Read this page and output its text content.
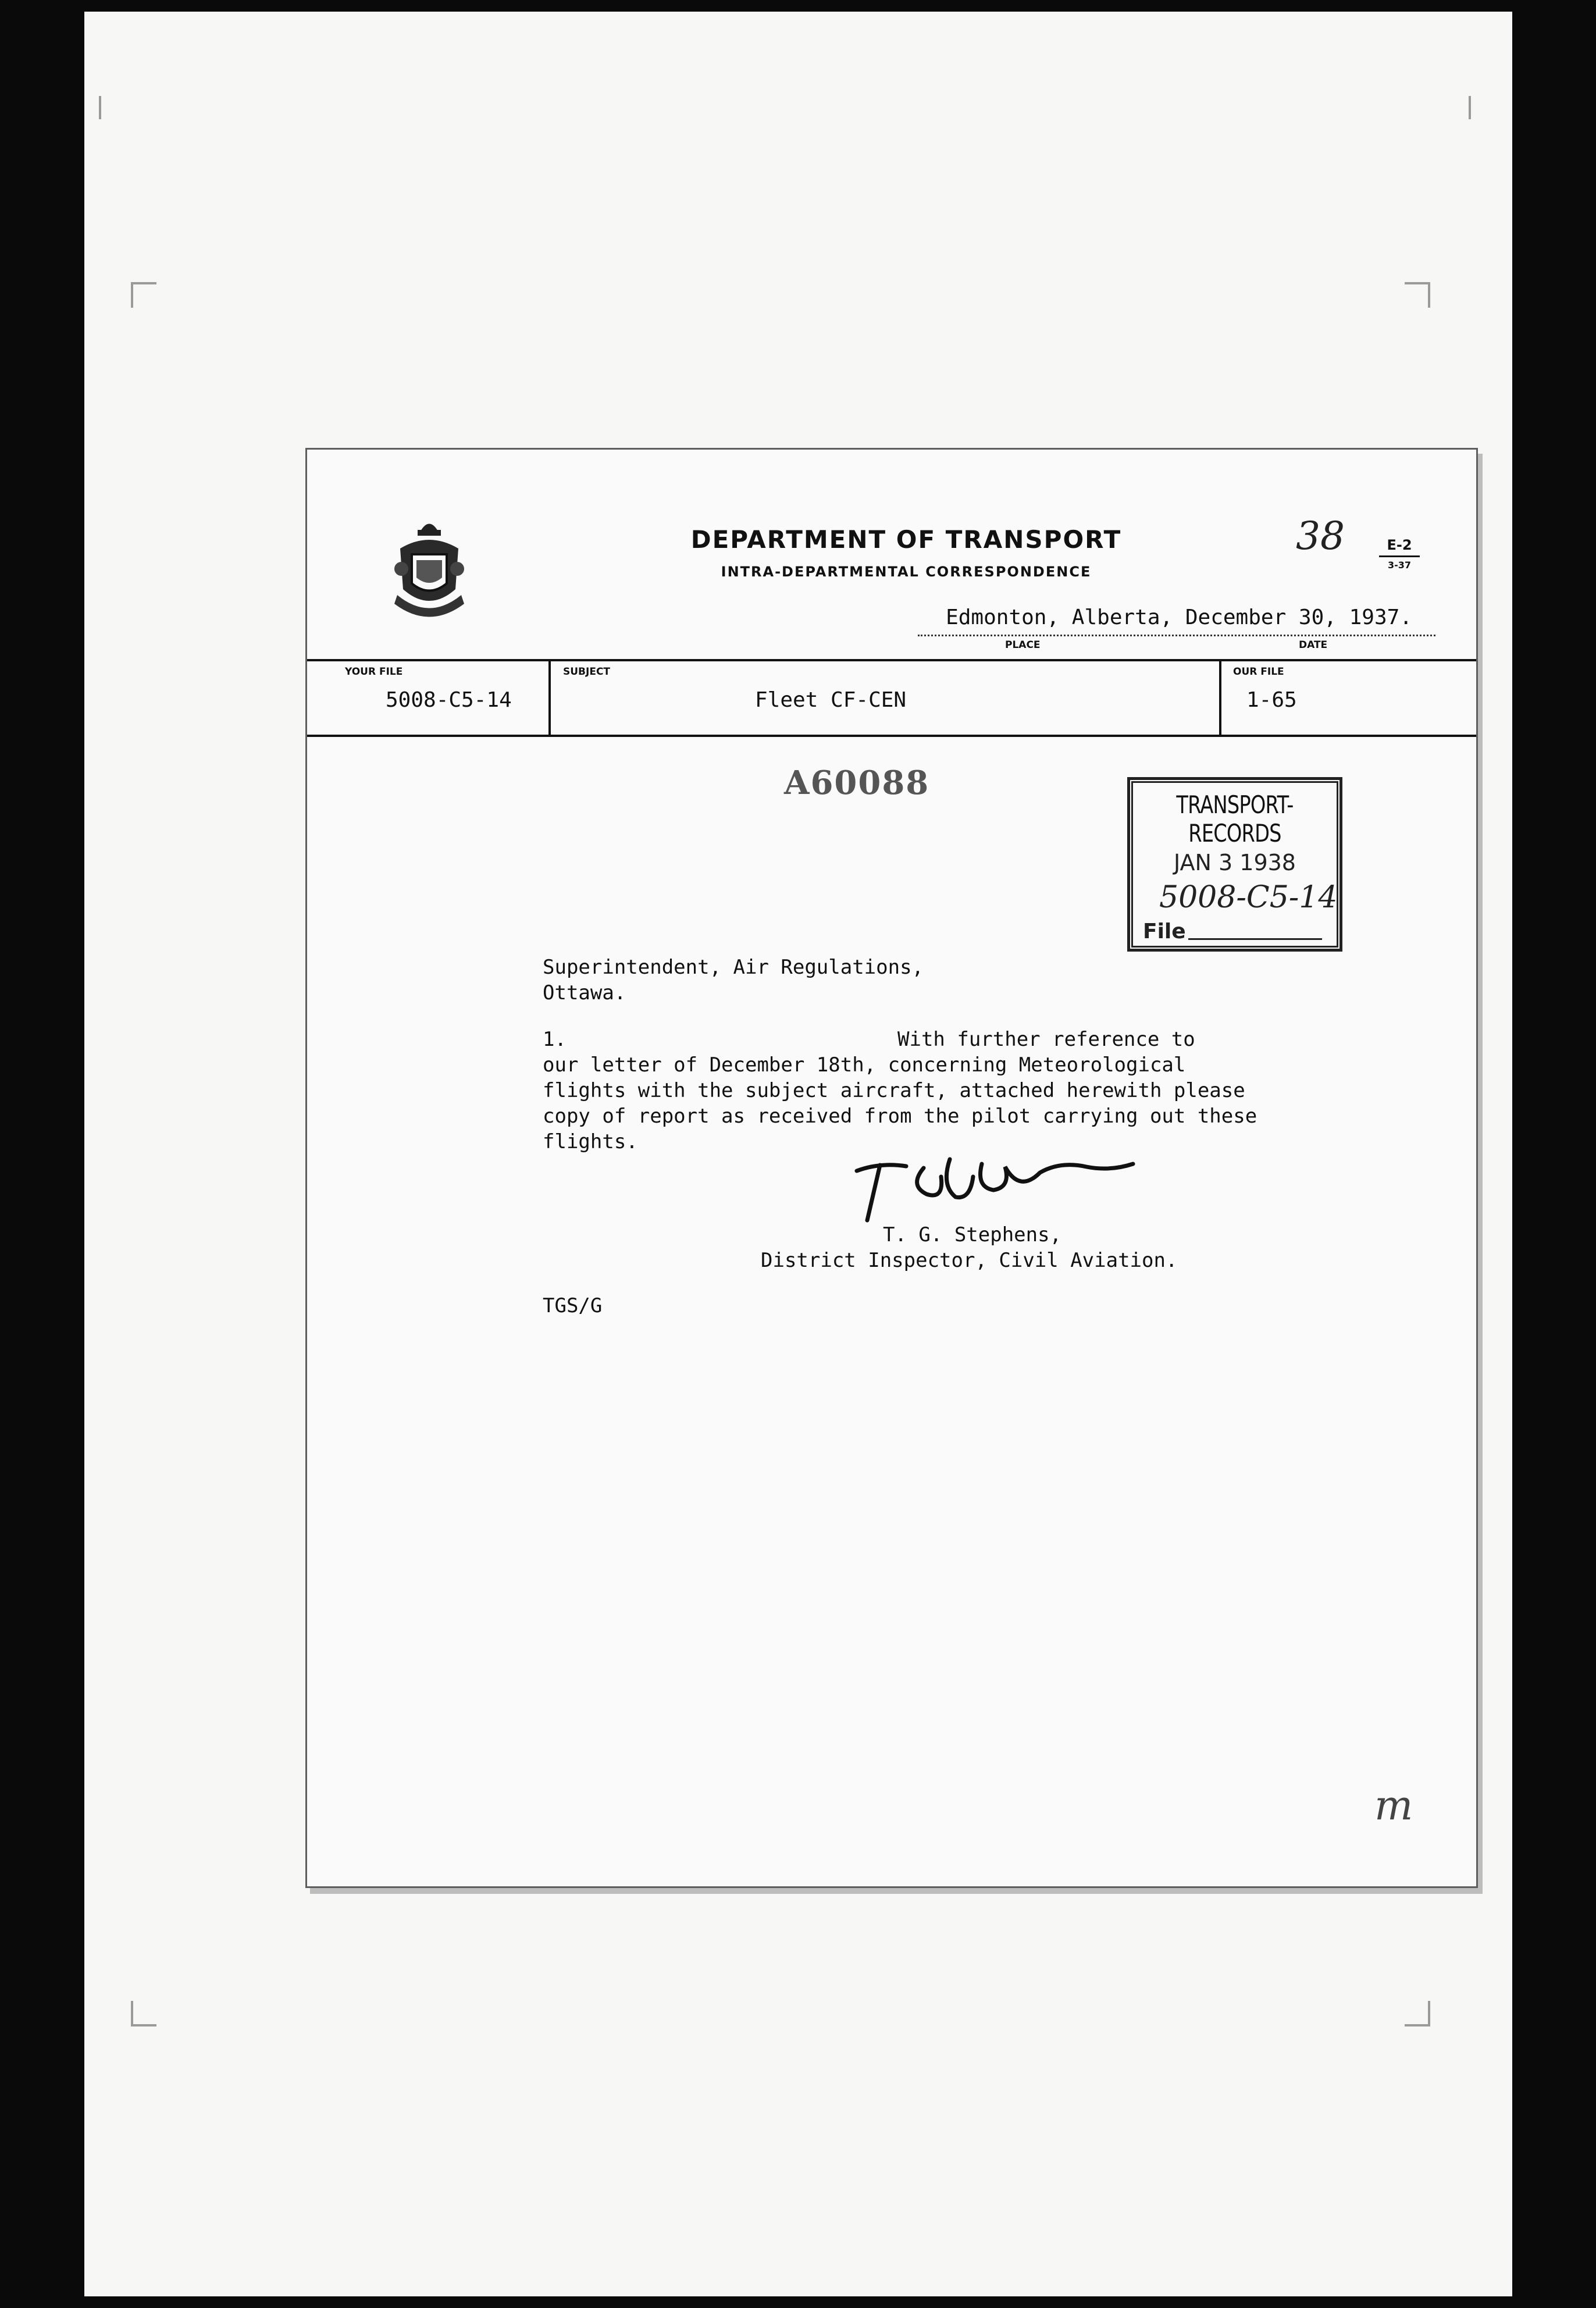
DEPARTMENT OF TRANSPORT
INTRA-DEPARTMENTAL CORRESPONDENCE
38	E-2
3-37
Edmonton, Alberta, December 30, 1937.
PLACE	DATE
YOUR FILE
5008-C5-14
SUBJECT
Fleet CF-CEN
OUR FILE
1-65
A60088
TRANSPORT-RECORDS
JAN 3 1938
5008-C5-14
File
Superintendent, Air Regulations,
Ottawa.
1.	With further reference to
our letter of December 18th, concerning Meteorological
flights with the subject aircraft, attached herewith please
copy of report as received from the pilot carrying out these
flights.
T. G. Stephens,
District Inspector, Civil Aviation.
TGS/G
m
